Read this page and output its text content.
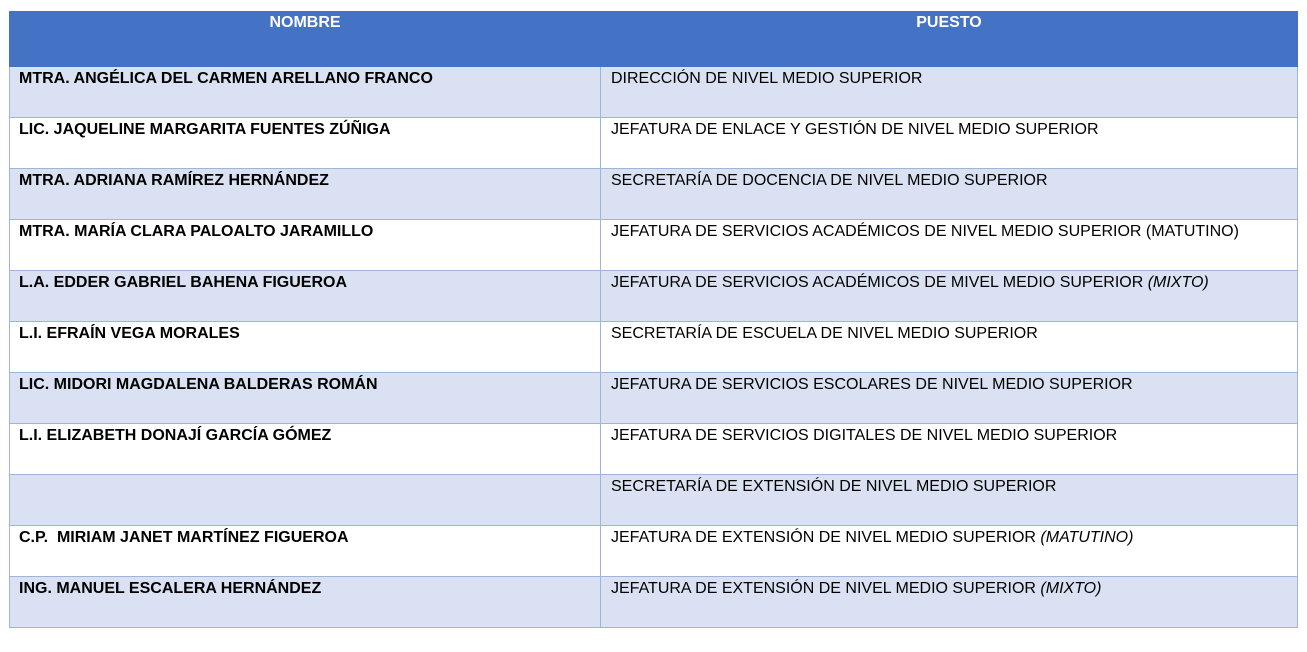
NOMBRE	PUESTO
MTRA. ANGÉLICA DEL CARMEN ARELLANO FRANCO	DIRECCIÓN DE NIVEL MEDIO SUPERIOR
LIC. JAQUELINE MARGARITA FUENTES ZÚÑIGA	JEFATURA DE ENLACE Y GESTIÓN DE NIVEL MEDIO SUPERIOR
MTRA. ADRIANA RAMÍREZ HERNÁNDEZ	SECRETARÍA DE DOCENCIA DE NIVEL MEDIO SUPERIOR
MTRA. MARÍA CLARA PALOALTO JARAMILLO	JEFATURA DE SERVICIOS ACADÉMICOS DE NIVEL MEDIO SUPERIOR (MATUTINO)
L.A. EDDER GABRIEL BAHENA FIGUEROA	JEFATURA DE SERVICIOS ACADÉMICOS DE MIVEL MEDIO SUPERIOR (MIXTO)
L.I. EFRAÍN VEGA MORALES	SECRETARÍA DE ESCUELA DE NIVEL MEDIO SUPERIOR
LIC. MIDORI MAGDALENA BALDERAS ROMÁN	JEFATURA DE SERVICIOS ESCOLARES DE NIVEL MEDIO SUPERIOR
L.I. ELIZABETH DONAJÍ GARCÍA GÓMEZ	JEFATURA DE SERVICIOS DIGITALES DE NIVEL MEDIO SUPERIOR
	SECRETARÍA DE EXTENSIÓN DE NIVEL MEDIO SUPERIOR
C.P.  MIRIAM JANET MARTÍNEZ FIGUEROA	JEFATURA DE EXTENSIÓN DE NIVEL MEDIO SUPERIOR (MATUTINO)
ING. MANUEL ESCALERA HERNÁNDEZ	JEFATURA DE EXTENSIÓN DE NIVEL MEDIO SUPERIOR (MIXTO)
